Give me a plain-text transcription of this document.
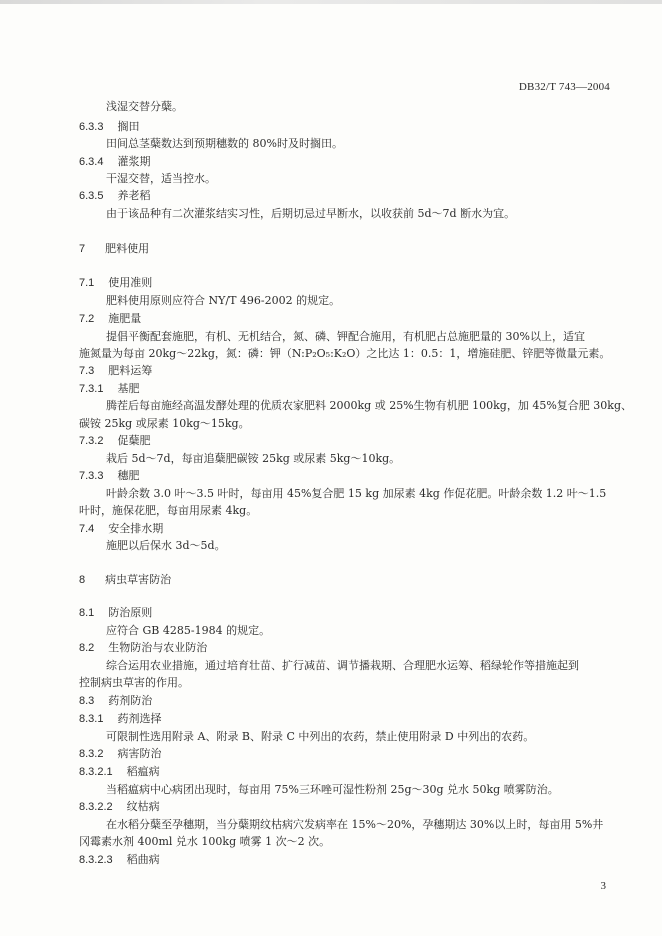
DB32/T 743—2004
浅湿交替分蘖。
6.3.3 搁田
田间总茎蘖数达到预期穗数的 80%时及时搁田。
6.3.4 灌浆期
干湿交替，适当控水。
6.3.5 养老稻
由于该品种有二次灌浆结实习性，后期切忌过早断水，以收获前 5d～7d 断水为宜。
7 肥料使用
7.1 使用准则
肥料使用原则应符合 NY/T 496-2002 的规定。
7.2 施肥量
提倡平衡配套施肥，有机、无机结合，氮、磷、钾配合施用，有机肥占总施肥量的 30%以上，适宜
施氮量为每亩 20kg～22kg，氮：磷：钾（N:P₂O₅:K₂O）之比达 1：0.5：1，增施硅肥、锌肥等微量元素。
7.3 肥料运筹
7.3.1 基肥
腾茬后每亩施经高温发酵处理的优质农家肥料 2000kg 或 25%生物有机肥 100kg，加 45%复合肥 30kg、
碳铵 25kg 或尿素 10kg～15kg。
7.3.2 促蘖肥
栽后 5d～7d，每亩追蘖肥碳铵 25kg 或尿素 5kg～10kg。
7.3.3 穗肥
叶龄余数 3.0 叶～3.5 叶时，每亩用 45%复合肥 15 kg 加尿素 4kg 作促花肥。叶龄余数 1.2 叶～1.5
叶时，施保花肥，每亩用尿素 4kg。
7.4 安全排水期
施肥以后保水 3d～5d。
8 病虫草害防治
8.1 防治原则
应符合 GB 4285-1984 的规定。
8.2 生物防治与农业防治
综合运用农业措施，通过培育壮苗、扩行减苗、调节播栽期、合理肥水运筹、稻绿轮作等措施起到
控制病虫草害的作用。
8.3 药剂防治
8.3.1 药剂选择
可限制性选用附录 A、附录 B、附录 C 中列出的农药，禁止使用附录 D 中列出的农药。
8.3.2 病害防治
8.3.2.1 稻瘟病
当稻瘟病中心病团出现时，每亩用 75%三环唑可湿性粉剂 25g～30g 兑水 50kg 喷雾防治。
8.3.2.2 纹枯病
在水稻分蘖至孕穗期，当分蘖期纹枯病穴发病率在 15%～20%，孕穗期达 30%以上时，每亩用 5%井
冈霉素水剂 400ml 兑水 100kg 喷雾 1 次～2 次。
8.3.2.3 稻曲病
3
